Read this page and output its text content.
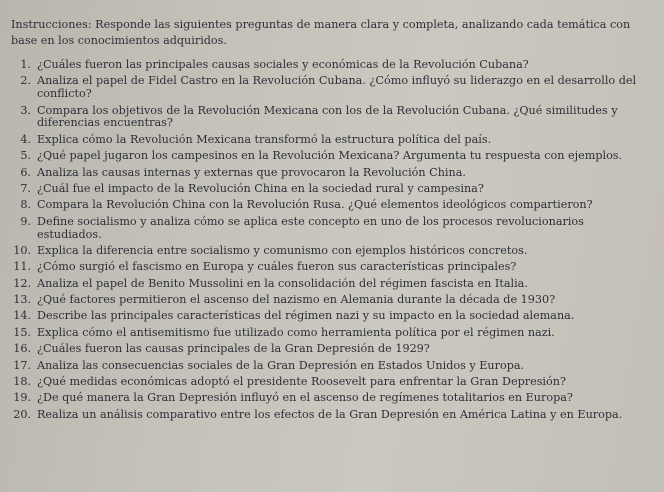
Instrucciones: Responde las siguientes preguntas de manera clara y completa, analizando cada temática con base en los conocimientos adquiridos.

1. ¿Cuáles fueron las principales causas sociales y económicas de la Revolución Cubana?
2. Analiza el papel de Fidel Castro en la Revolución Cubana. ¿Cómo influyó su liderazgo en el desarrollo del conflicto?
3. Compara los objetivos de la Revolución Mexicana con los de la Revolución Cubana. ¿Qué similitudes y diferencias encuentras?
4. Explica cómo la Revolución Mexicana transformó la estructura política del país.
5. ¿Qué papel jugaron los campesinos en la Revolución Mexicana? Argumenta tu respuesta con ejemplos.
6. Analiza las causas internas y externas que provocaron la Revolución China.
7. ¿Cuál fue el impacto de la Revolución China en la sociedad rural y campesina?
8. Compara la Revolución China con la Revolución Rusa. ¿Qué elementos ideológicos compartieron?
9. Define socialismo y analiza cómo se aplica este concepto en uno de los procesos revolucionarios estudiados.
10. Explica la diferencia entre socialismo y comunismo con ejemplos históricos concretos.
11. ¿Cómo surgió el fascismo en Europa y cuáles fueron sus características principales?
12. Analiza el papel de Benito Mussolini en la consolidación del régimen fascista en Italia.
13. ¿Qué factores permitieron el ascenso del nazismo en Alemania durante la década de 1930?
14. Describe las principales características del régimen nazi y su impacto en la sociedad alemana.
15. Explica cómo el antisemitismo fue utilizado como herramienta política por el régimen nazi.
16. ¿Cuáles fueron las causas principales de la Gran Depresión de 1929?
17. Analiza las consecuencias sociales de la Gran Depresión en Estados Unidos y Europa.
18. ¿Qué medidas económicas adoptó el presidente Roosevelt para enfrentar la Gran Depresión?
19. ¿De qué manera la Gran Depresión influyó en el ascenso de regímenes totalitarios en Europa?
20. Realiza un análisis comparativo entre los efectos de la Gran Depresión en América Latina y en Europa.
